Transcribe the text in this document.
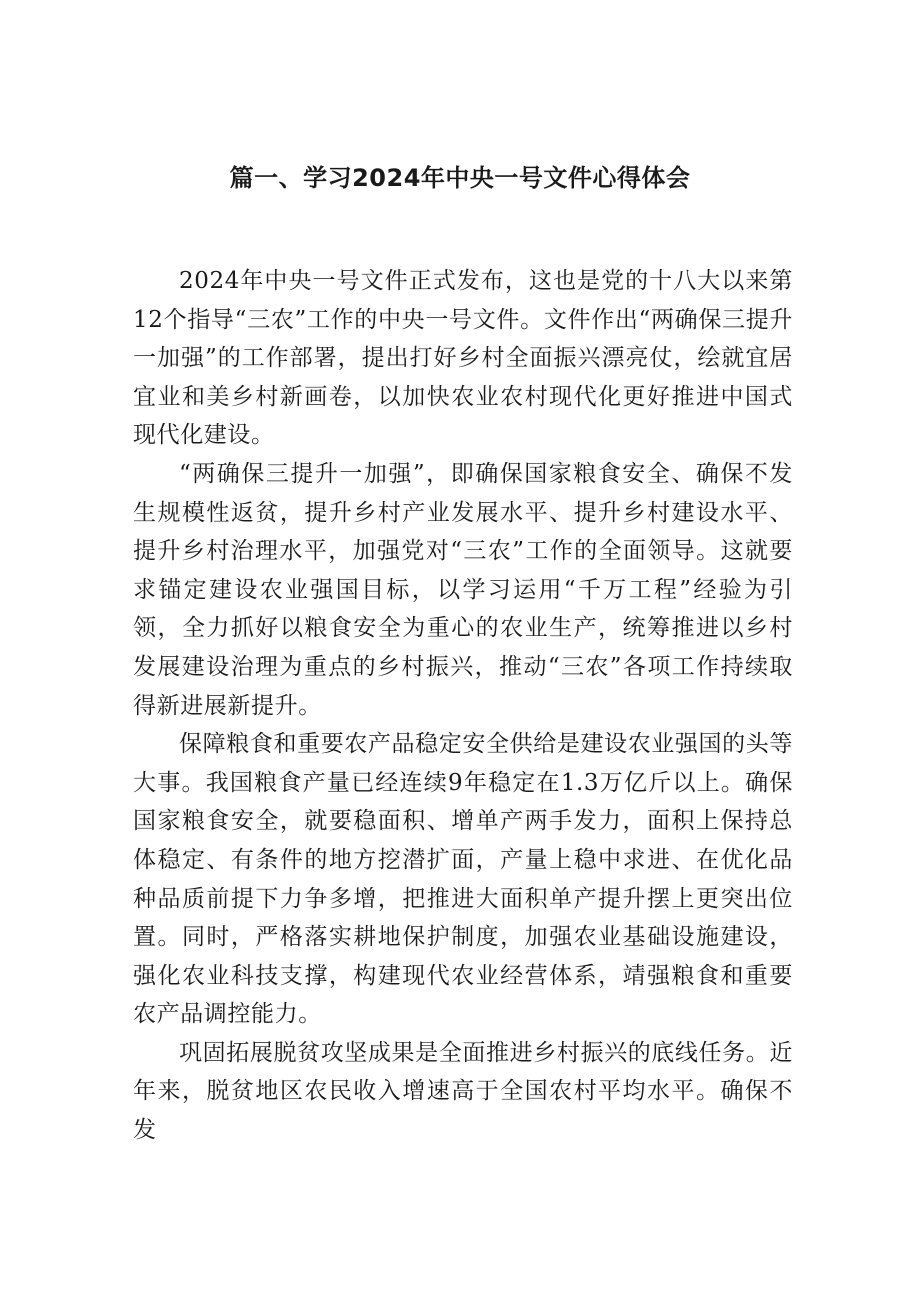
篇一、学习2024年中央一号文件心得体会

2024年中央一号文件正式发布，这也是党的十八大以来第12个指导“三农”工作的中央一号文件。文件作出“两确保三提升一加强”的工作部署，提出打好乡村全面振兴漂亮仗，绘就宜居宜业和美乡村新画卷，以加快农业农村现代化更好推进中国式现代化建设。

“两确保三提升一加强”，即确保国家粮食安全、确保不发生规模性返贫，提升乡村产业发展水平、提升乡村建设水平、提升乡村治理水平，加强党对“三农”工作的全面领导。这就要求锚定建设农业强国目标，以学习运用“千万工程”经验为引领，全力抓好以粮食安全为重心的农业生产，统筹推进以乡村发展建设治理为重点的乡村振兴，推动“三农”各项工作持续取得新进展新提升。

保障粮食和重要农产品稳定安全供给是建设农业强国的头等大事。我国粮食产量已经连续9年稳定在1.3万亿斤以上。确保国家粮食安全，就要稳面积、增单产两手发力，面积上保持总体稳定、有条件的地方挖潜扩面，产量上稳中求进、在优化品种品质前提下力争多增，把推进大面积单产提升摆上更突出位置。同时，严格落实耕地保护制度，加强农业基础设施建设，强化农业科技支撑，构建现代农业经营体系，靖强粮食和重要农产品调控能力。

巩固拓展脱贫攻坚成果是全面推进乡村振兴的底线任务。近年来，脱贫地区农民收入增速高于全国农村平均水平。确保不发
